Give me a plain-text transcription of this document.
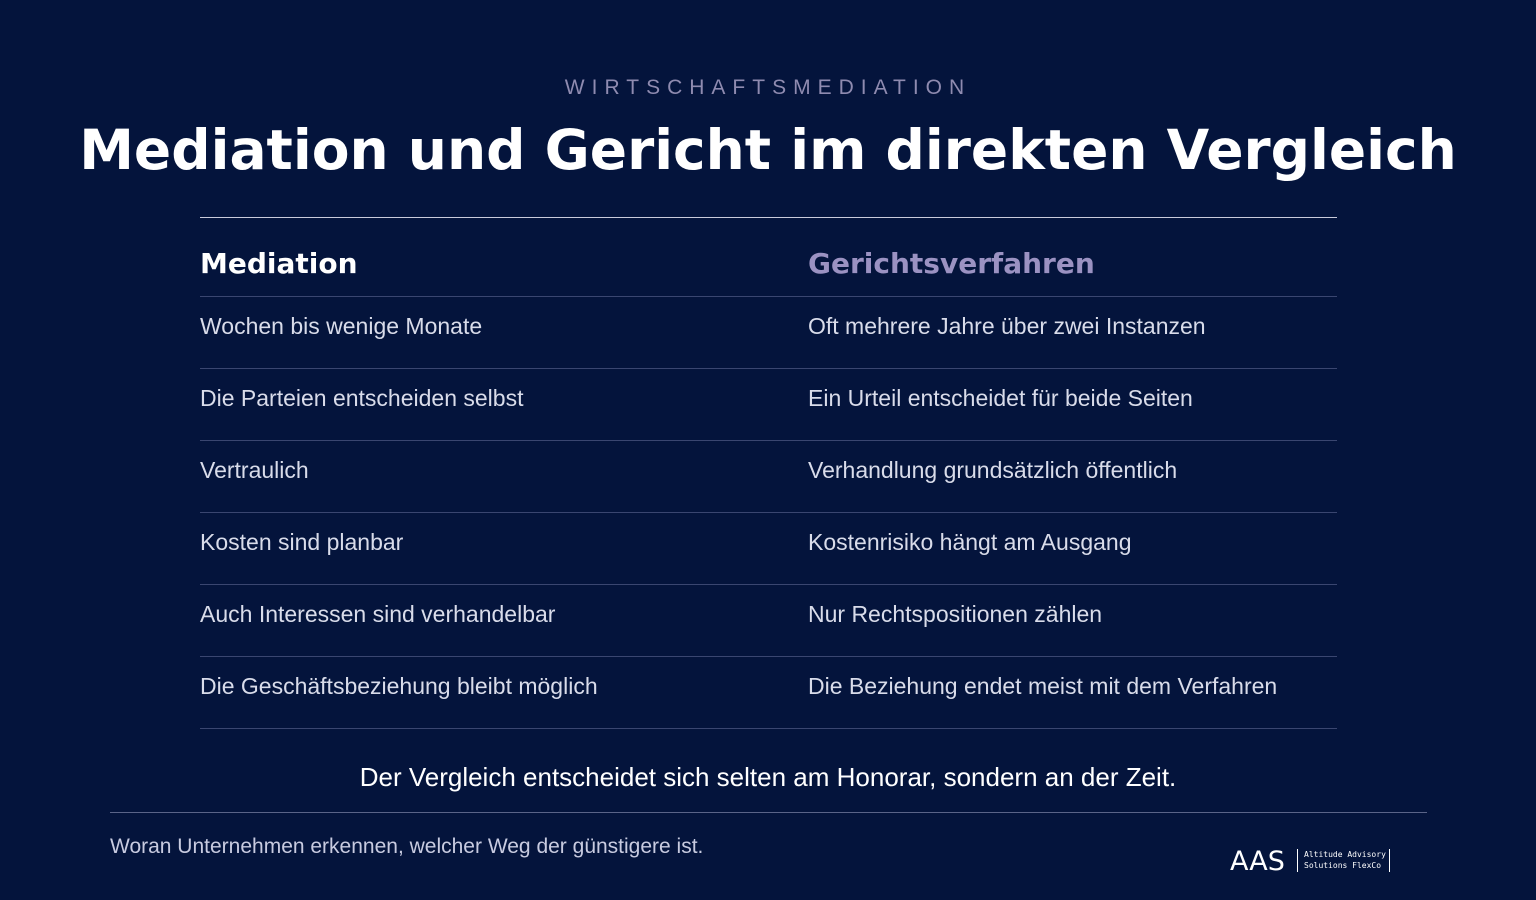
WIRTSCHAFTSMEDIATION
Mediation und Gericht im direkten Vergleich
Mediation	Gerichtsverfahren
Wochen bis wenige Monate	Oft mehrere Jahre über zwei Instanzen
Die Parteien entscheiden selbst	Ein Urteil entscheidet für beide Seiten
Vertraulich	Verhandlung grundsätzlich öffentlich
Kosten sind planbar	Kostenrisiko hängt am Ausgang
Auch Interessen sind verhandelbar	Nur Rechtspositionen zählen
Die Geschäftsbeziehung bleibt möglich	Die Beziehung endet meist mit dem Verfahren
Der Vergleich entscheidet sich selten am Honorar, sondern an der Zeit.
Woran Unternehmen erkennen, welcher Weg der günstigere ist.	AAS Altitude Advisory
Solutions FlexCo
